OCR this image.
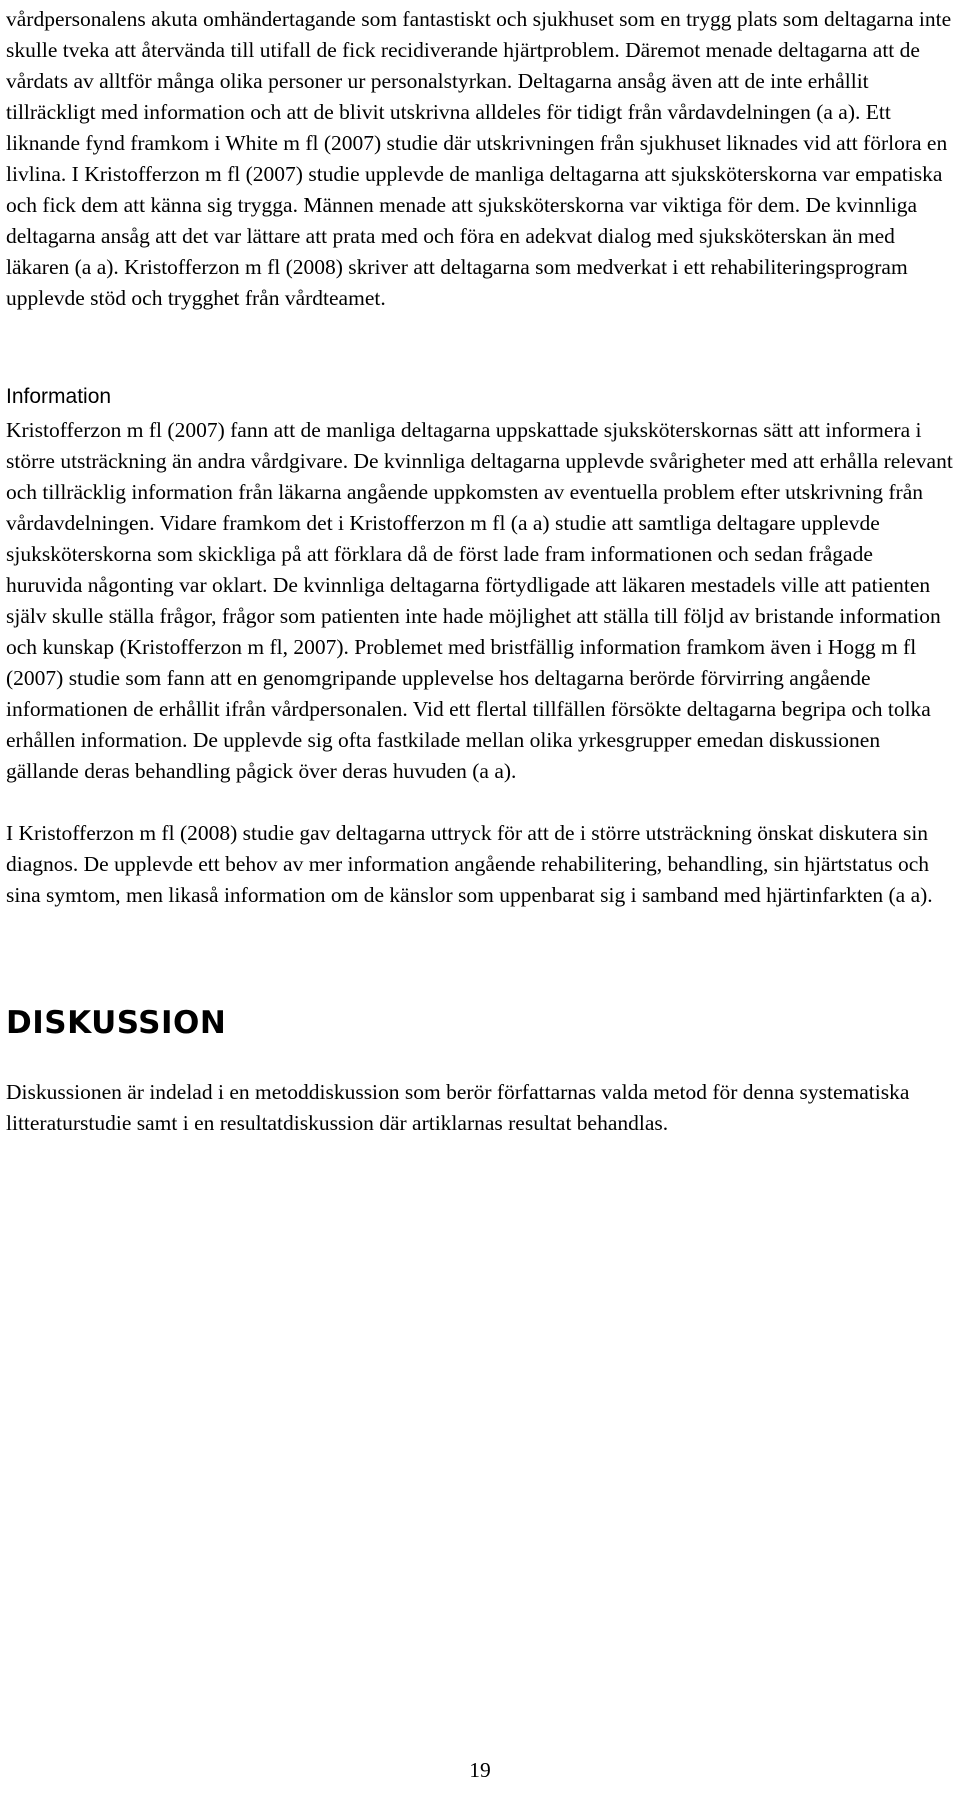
vårdpersonalens akuta omhändertagande som fantastiskt och sjukhuset som en trygg plats som deltagarna inte skulle tveka att återvända till utifall de fick recidiverande hjärtproblem. Däremot menade deltagarna att de vårdats av alltför många olika personer ur personalstyrkan. Deltagarna ansåg även att de inte erhållit tillräckligt med information och att de blivit utskrivna alldeles för tidigt från vårdavdelningen (a a). Ett liknande fynd framkom i White m fl (2007) studie där utskrivningen från sjukhuset liknades vid att förlora en livlina. I Kristofferzon m fl (2007) studie upplevde de manliga deltagarna att sjuksköterskorna var empatiska och fick dem att känna sig trygga. Männen menade att sjuksköterskorna var viktiga för dem. De kvinnliga deltagarna ansåg att det var lättare att prata med och föra en adekvat dialog med sjuksköterskan än med läkaren (a a). Kristofferzon m fl (2008) skriver att deltagarna som medverkat i ett rehabiliteringsprogram upplevde stöd och trygghet från vårdteamet.

Information

Kristofferzon m fl (2007) fann att de manliga deltagarna uppskattade sjuksköterskornas sätt att informera i större utsträckning än andra vårdgivare. De kvinnliga deltagarna upplevde svårigheter med att erhålla relevant och tillräcklig information från läkarna angående uppkomsten av eventuella problem efter utskrivning från vårdavdelningen. Vidare framkom det i Kristofferzon m fl (a a) studie att samtliga deltagare upplevde sjuksköterskorna som skickliga på att förklara då de först lade fram informationen och sedan frågade huruvida någonting var oklart. De kvinnliga deltagarna förtydligade att läkaren mestadels ville att patienten själv skulle ställa frågor, frågor som patienten inte hade möjlighet att ställa till följd av bristande information och kunskap (Kristofferzon m fl, 2007). Problemet med bristfällig information framkom även i Hogg m fl (2007) studie som fann att en genomgripande upplevelse hos deltagarna berörde förvirring angående informationen de erhållit ifrån vårdpersonalen. Vid ett flertal tillfällen försökte deltagarna begripa och tolka erhållen information. De upplevde sig ofta fastkilade mellan olika yrkesgrupper emedan diskussionen gällande deras behandling pågick över deras huvuden (a a).

I Kristofferzon m fl (2008) studie gav deltagarna uttryck för att de i större utsträckning önskat diskutera sin diagnos. De upplevde ett behov av mer information angående rehabilitering, behandling, sin hjärtstatus och sina symtom, men likaså information om de känslor som uppenbarat sig i samband med hjärtinfarkten (a a).

DISKUSSION

Diskussionen är indelad i en metoddiskussion som berör författarnas valda metod för denna systematiska litteraturstudie samt i en resultatdiskussion där artiklarnas resultat behandlas.

19
